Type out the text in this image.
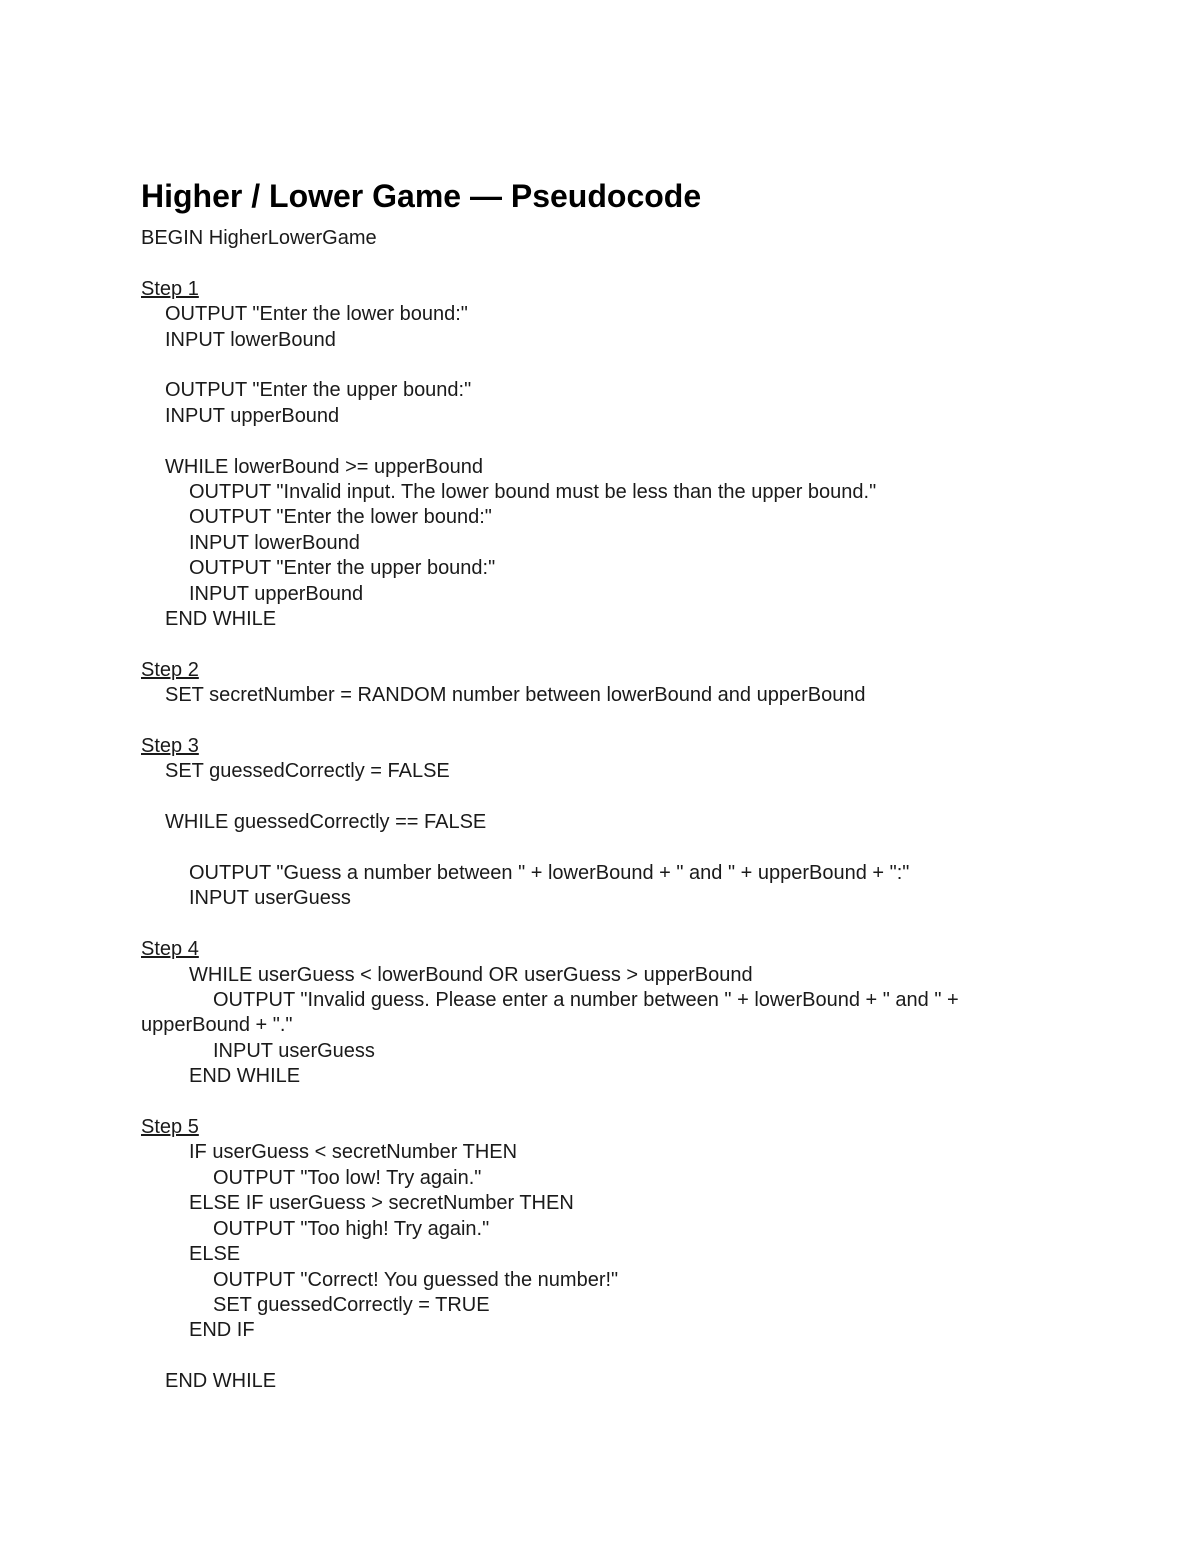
Higher / Lower Game — Pseudocode
BEGIN HigherLowerGame
Step 1
OUTPUT "Enter the lower bound:"
INPUT lowerBound
OUTPUT "Enter the upper bound:"
INPUT upperBound
WHILE lowerBound >= upperBound
OUTPUT "Invalid input. The lower bound must be less than the upper bound."
OUTPUT "Enter the lower bound:"
INPUT lowerBound
OUTPUT "Enter the upper bound:"
INPUT upperBound
END WHILE
Step 2
SET secretNumber = RANDOM number between lowerBound and upperBound
Step 3
SET guessedCorrectly = FALSE
WHILE guessedCorrectly == FALSE
OUTPUT "Guess a number between " + lowerBound + " and " + upperBound + ":"
INPUT userGuess
Step 4
WHILE userGuess < lowerBound OR userGuess > upperBound
OUTPUT "Invalid guess. Please enter a number between " + lowerBound + " and " +
upperBound + "."
INPUT userGuess
END WHILE
Step 5
IF userGuess < secretNumber THEN
OUTPUT "Too low! Try again."
ELSE IF userGuess > secretNumber THEN
OUTPUT "Too high! Try again."
ELSE
OUTPUT "Correct! You guessed the number!"
SET guessedCorrectly = TRUE
END IF
END WHILE
